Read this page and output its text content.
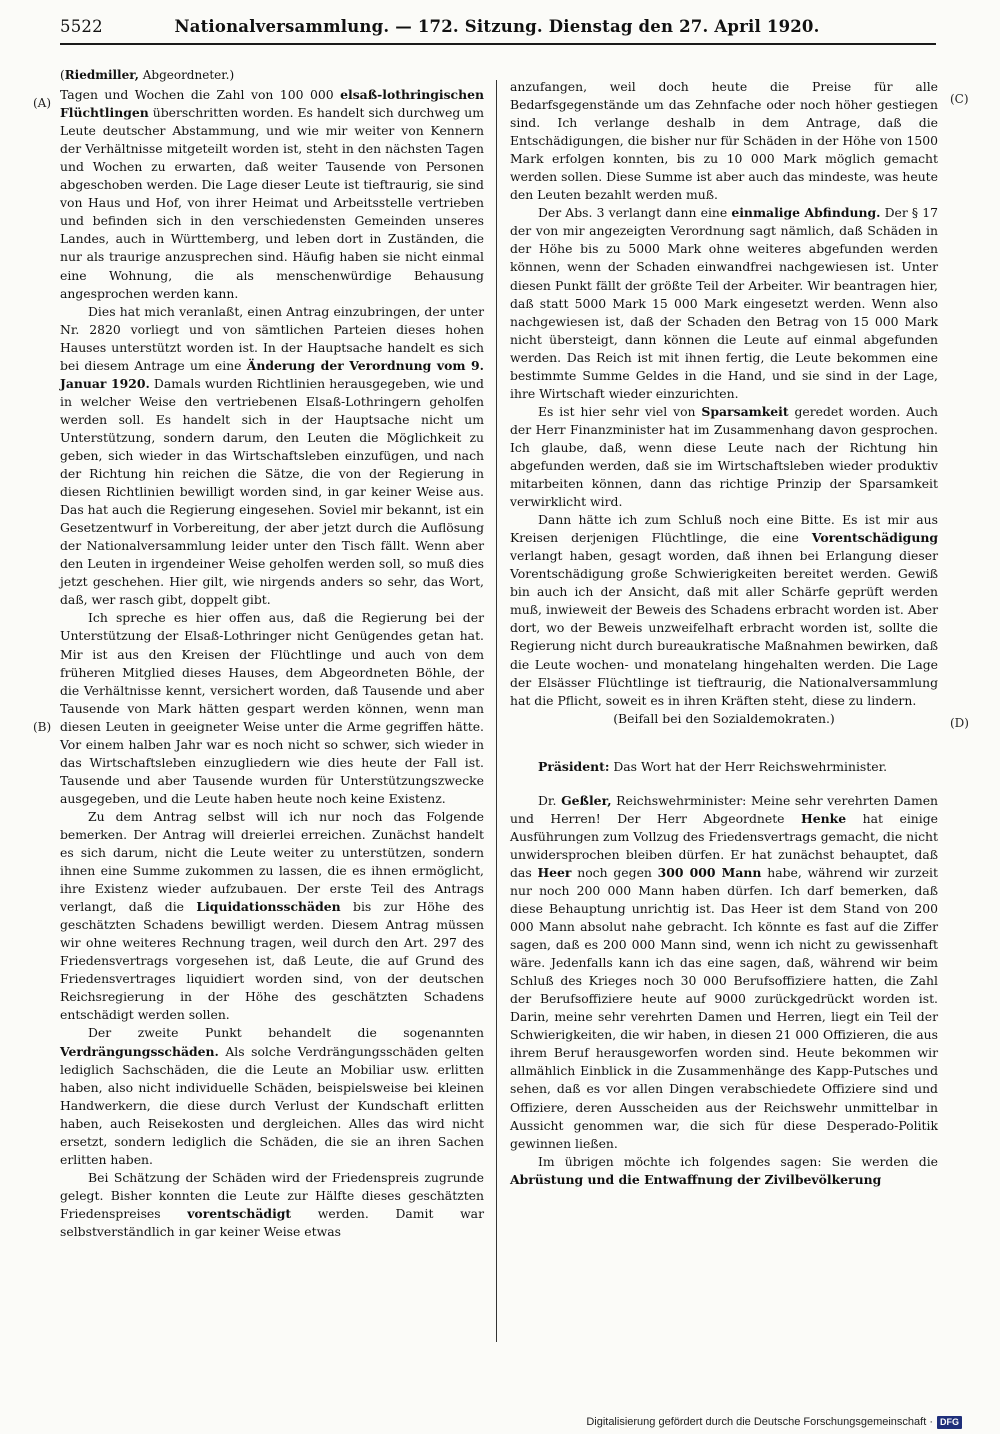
5522	Nationalversammlung. — 172. Sitzung. Dienstag den 27. April 1920.
(A)
(B)
(C)
(D)

(Riedmiller, Abgeordneter.)

Tagen und Wochen die Zahl von 100 000 elsaß-lothringischen Flüchtlingen überschritten worden. Es handelt sich durchweg um Leute deutscher Abstammung, und wie mir weiter von Kennern der Verhältnisse mitgeteilt worden ist, steht in den nächsten Tagen und Wochen zu erwarten, daß weiter Tausende von Personen abgeschoben werden. Die Lage dieser Leute ist tieftraurig, sie sind von Haus und Hof, von ihrer Heimat und Arbeitsstelle vertrieben und befinden sich in den verschiedensten Gemeinden unseres Landes, auch in Württemberg, und leben dort in Zuständen, die nur als traurige anzusprechen sind. Häufig haben sie nicht einmal eine Wohnung, die als menschenwürdige Behausung angesprochen werden kann.

Dies hat mich veranlaßt, einen Antrag einzubringen, der unter Nr. 2820 vorliegt und von sämtlichen Parteien dieses hohen Hauses unterstützt worden ist. In der Hauptsache handelt es sich bei diesem Antrage um eine Änderung der Verordnung vom 9. Januar 1920. Damals wurden Richtlinien herausgegeben, wie und in welcher Weise den vertriebenen Elsaß-Lothringern geholfen werden soll. Es handelt sich in der Hauptsache nicht um Unterstützung, sondern darum, den Leuten die Möglichkeit zu geben, sich wieder in das Wirtschaftsleben einzufügen, und nach der Richtung hin reichen die Sätze, die von der Regierung in diesen Richtlinien bewilligt worden sind, in gar keiner Weise aus. Das hat auch die Regierung eingesehen. Soviel mir bekannt, ist ein Gesetzentwurf in Vorbereitung, der aber jetzt durch die Auflösung der Nationalversammlung leider unter den Tisch fällt. Wenn aber den Leuten in irgendeiner Weise geholfen werden soll, so muß dies jetzt geschehen. Hier gilt, wie nirgends anders so sehr, das Wort, daß, wer rasch gibt, doppelt gibt.

Ich spreche es hier offen aus, daß die Regierung bei der Unterstützung der Elsaß-Lothringer nicht Genügendes getan hat. Mir ist aus den Kreisen der Flüchtlinge und auch von dem früheren Mitglied dieses Hauses, dem Abgeordneten Böhle, der die Verhältnisse kennt, versichert worden, daß Tausende und aber Tausende von Mark hätten gespart werden können, wenn man diesen Leuten in geeigneter Weise unter die Arme gegriffen hätte. Vor einem halben Jahr war es noch nicht so schwer, sich wieder in das Wirtschaftsleben einzugliedern wie dies heute der Fall ist. Tausende und aber Tausende wurden für Unterstützungszwecke ausgegeben, und die Leute haben heute noch keine Existenz.

Zu dem Antrag selbst will ich nur noch das Folgende bemerken. Der Antrag will dreierlei erreichen. Zunächst handelt es sich darum, nicht die Leute weiter zu unterstützen, sondern ihnen eine Summe zukommen zu lassen, die es ihnen ermöglicht, ihre Existenz wieder aufzubauen. Der erste Teil des Antrags verlangt, daß die Liquidationsschäden bis zur Höhe des geschätzten Schadens bewilligt werden. Diesem Antrag müssen wir ohne weiteres Rechnung tragen, weil durch den Art. 297 des Friedensvertrags vorgesehen ist, daß Leute, die auf Grund des Friedensvertrages liquidiert worden sind, von der deutschen Reichsregierung in der Höhe des geschätzten Schadens entschädigt werden sollen.

Der zweite Punkt behandelt die sogenannten Verdrängungsschäden. Als solche Verdrängungsschäden gelten lediglich Sachschäden, die die Leute an Mobiliar usw. erlitten haben, also nicht individuelle Schäden, beispielsweise bei kleinen Handwerkern, die diese durch Verlust der Kundschaft erlitten haben, auch Reisekosten und dergleichen. Alles das wird nicht ersetzt, sondern lediglich die Schäden, die sie an ihren Sachen erlitten haben.

Bei Schätzung der Schäden wird der Friedenspreis zugrunde gelegt. Bisher konnten die Leute zur Hälfte dieses geschätzten Friedenspreises vorentschädigt werden. Damit war selbstverständlich in gar keiner Weise etwas

anzufangen, weil doch heute die Preise für alle Bedarfsgegenstände um das Zehnfache oder noch höher gestiegen sind. Ich verlange deshalb in dem Antrage, daß die Entschädigungen, die bisher nur für Schäden in der Höhe von 1500 Mark erfolgen konnten, bis zu 10 000 Mark möglich gemacht werden sollen. Diese Summe ist aber auch das mindeste, was heute den Leuten bezahlt werden muß.

Der Abs. 3 verlangt dann eine einmalige Abfindung. Der § 17 der von mir angezeigten Verordnung sagt nämlich, daß Schäden in der Höhe bis zu 5000 Mark ohne weiteres abgefunden werden können, wenn der Schaden einwandfrei nachgewiesen ist. Unter diesen Punkt fällt der größte Teil der Arbeiter. Wir beantragen hier, daß statt 5000 Mark 15 000 Mark eingesetzt werden. Wenn also nachgewiesen ist, daß der Schaden den Betrag von 15 000 Mark nicht übersteigt, dann können die Leute auf einmal abgefunden werden. Das Reich ist mit ihnen fertig, die Leute bekommen eine bestimmte Summe Geldes in die Hand, und sie sind in der Lage, ihre Wirtschaft wieder einzurichten.

Es ist hier sehr viel von Sparsamkeit geredet worden. Auch der Herr Finanzminister hat im Zusammenhang davon gesprochen. Ich glaube, daß, wenn diese Leute nach der Richtung hin abgefunden werden, daß sie im Wirtschaftsleben wieder produktiv mitarbeiten können, dann das richtige Prinzip der Sparsamkeit verwirklicht wird.

Dann hätte ich zum Schluß noch eine Bitte. Es ist mir aus Kreisen derjenigen Flüchtlinge, die eine Vorentschädigung verlangt haben, gesagt worden, daß ihnen bei Erlangung dieser Vorentschädigung große Schwierigkeiten bereitet werden. Gewiß bin auch ich der Ansicht, daß mit aller Schärfe geprüft werden muß, inwieweit der Beweis des Schadens erbracht worden ist. Aber dort, wo der Beweis unzweifelhaft erbracht worden ist, sollte die Regierung nicht durch bureaukratische Maßnahmen bewirken, daß die Leute wochen- und monatelang hingehalten werden. Die Lage der Elsässer Flüchtlinge ist tieftraurig, die Nationalversammlung hat die Pflicht, soweit es in ihren Kräften steht, diese zu lindern.

(Beifall bei den Sozialdemokraten.)

Präsident: Das Wort hat der Herr Reichswehrminister.

Dr. Geßler, Reichswehrminister: Meine sehr verehrten Damen und Herren! Der Herr Abgeordnete Henke hat einige Ausführungen zum Vollzug des Friedensvertrags gemacht, die nicht unwidersprochen bleiben dürfen. Er hat zunächst behauptet, daß das Heer noch gegen 300 000 Mann habe, während wir zurzeit nur noch 200 000 Mann haben dürfen. Ich darf bemerken, daß diese Behauptung unrichtig ist. Das Heer ist dem Stand von 200 000 Mann absolut nahe gebracht. Ich könnte es fast auf die Ziffer sagen, daß es 200 000 Mann sind, wenn ich nicht zu gewissenhaft wäre. Jedenfalls kann ich das eine sagen, daß, während wir beim Schluß des Krieges noch 30 000 Berufsoffiziere hatten, die Zahl der Berufsoffiziere heute auf 9000 zurückgedrückt worden ist. Darin, meine sehr verehrten Damen und Herren, liegt ein Teil der Schwierigkeiten, die wir haben, in diesen 21 000 Offizieren, die aus ihrem Beruf herausgeworfen worden sind. Heute bekommen wir allmählich Einblick in die Zusammenhänge des Kapp-Putsches und sehen, daß es vor allen Dingen verabschiedete Offiziere sind und Offiziere, deren Ausscheiden aus der Reichswehr unmittelbar in Aussicht genommen war, die sich für diese Desperado-Politik gewinnen ließen.

Im übrigen möchte ich folgendes sagen: Sie werden die Abrüstung und die Entwaffnung der Zivilbevölkerung

Digitalisierung gefördert durch die Deutsche Forschungsgemeinschaft · DFG
